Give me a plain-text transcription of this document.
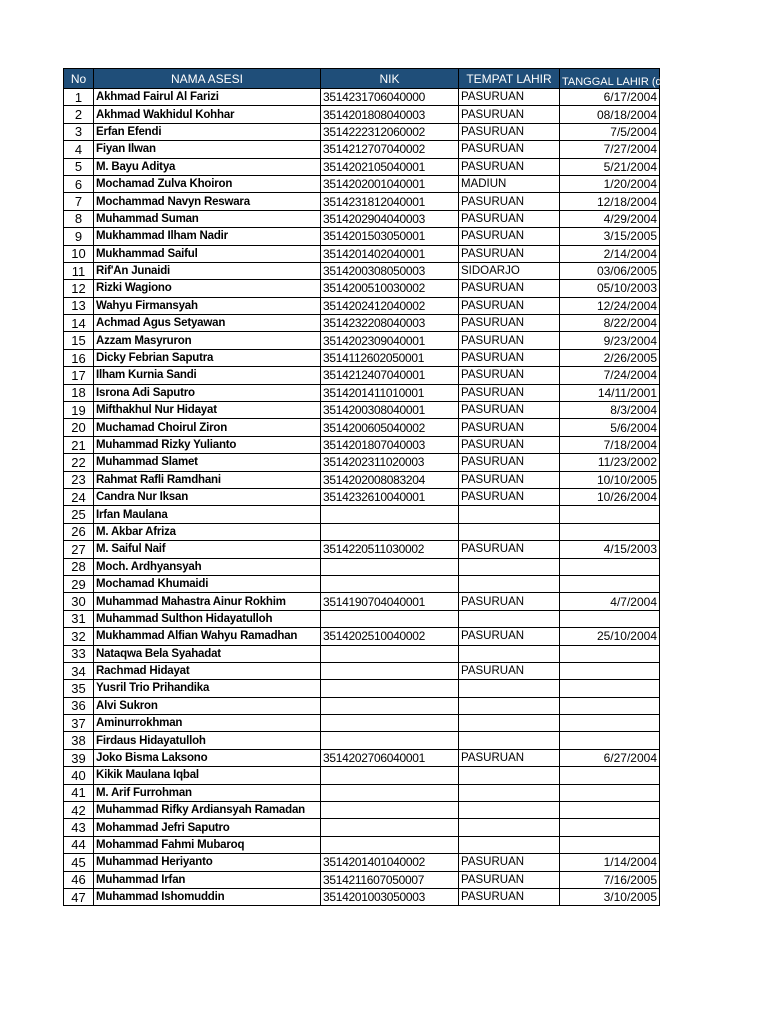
No	NAMA ASESI	NIK	TEMPAT LAHIR	TANGGAL LAHIR (dd/mm/yyyy)
1	Akhmad Fairul Al Farizi	3514231706040000	PASURUAN	6/17/2004
2	Akhmad Wakhidul Kohhar	3514201808040003	PASURUAN	08/18/2004
3	Erfan Efendi	3514222312060002	PASURUAN	7/5/2004
4	Fiyan Ilwan	3514212707040002	PASURUAN	7/27/2004
5	M. Bayu Aditya	3514202105040001	PASURUAN	5/21/2004
6	Mochamad Zulva Khoiron	3514202001040001	MADIUN	1/20/2004
7	Mochammad Navyn Reswara	3514231812040001	PASURUAN	12/18/2004
8	Muhammad Suman	3514202904040003	PASURUAN	4/29/2004
9	Mukhammad Ilham Nadir	3514201503050001	PASURUAN	3/15/2005
10	Mukhammad Saiful	3514201402040001	PASURUAN	2/14/2004
11	Rif'An Junaidi	3514200308050003	SIDOARJO	03/06/2005
12	Rizki Wagiono	3514200510030002	PASURUAN	05/10/2003
13	Wahyu Firmansyah	3514202412040002	PASURUAN	12/24/2004
14	Achmad Agus Setyawan	3514232208040003	PASURUAN	8/22/2004
15	Azzam Masyruron	3514202309040001	PASURUAN	9/23/2004
16	Dicky Febrian Saputra	3514112602050001	PASURUAN	2/26/2005
17	Ilham Kurnia Sandi	3514212407040001	PASURUAN	7/24/2004
18	Isrona Adi Saputro	3514201411010001	PASURUAN	14/11/2001
19	Mifthakhul Nur Hidayat	3514200308040001	PASURUAN	8/3/2004
20	Muchamad Choirul Ziron	3514200605040002	PASURUAN	5/6/2004
21	Muhammad Rizky Yulianto	3514201807040003	PASURUAN	7/18/2004
22	Muhammad Slamet	3514202311020003	PASURUAN	11/23/2002
23	Rahmat Rafli Ramdhani	3514202008083204	PASURUAN	10/10/2005
24	Candra Nur Iksan	3514232610040001	PASURUAN	10/26/2004
25	Irfan Maulana			
26	M. Akbar Afriza			
27	M. Saiful Naif	3514220511030002	PASURUAN	4/15/2003
28	Moch. Ardhyansyah			
29	Mochamad Khumaidi			
30	Muhammad Mahastra Ainur Rokhim	3514190704040001	PASURUAN	4/7/2004
31	Muhammad Sulthon Hidayatulloh			
32	Mukhammad Alfian Wahyu Ramadhan	3514202510040002	PASURUAN	25/10/2004
33	Nataqwa Bela Syahadat			
34	Rachmad Hidayat		PASURUAN	
35	Yusril Trio Prihandika			
36	Alvi Sukron			
37	Aminurrokhman			
38	Firdaus Hidayatulloh			
39	Joko Bisma Laksono	3514202706040001	PASURUAN	6/27/2004
40	Kikik Maulana Iqbal			
41	M. Arif Furrohman			
42	Muhammad Rifky Ardiansyah Ramadan			
43	Mohammad Jefri Saputro			
44	Mohammad Fahmi Mubaroq			
45	Muhammad Heriyanto	3514201401040002	PASURUAN	1/14/2004
46	Muhammad Irfan	3514211607050007	PASURUAN	7/16/2005
47	Muhammad Ishomuddin	3514201003050003	PASURUAN	3/10/2005
